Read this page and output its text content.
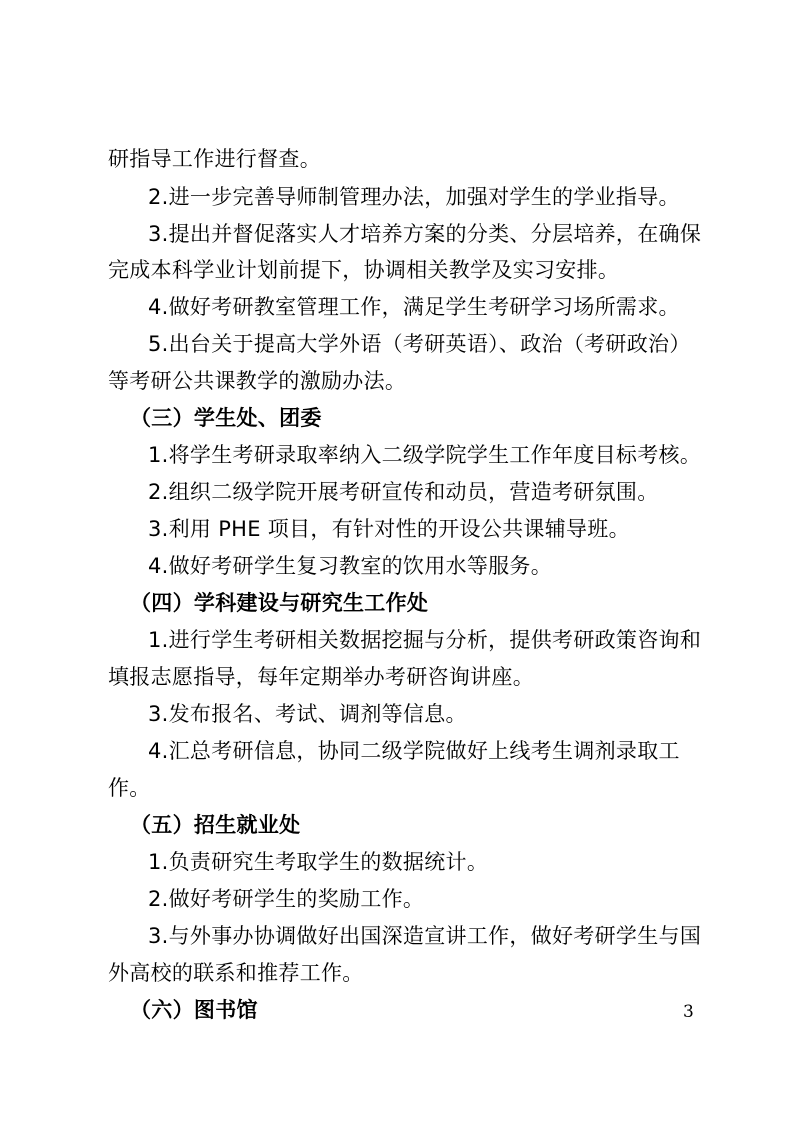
研指导工作进行督查。
2.进一步完善导师制管理办法，加强对学生的学业指导。
3.提出并督促落实人才培养方案的分类、分层培养，在确保
完成本科学业计划前提下，协调相关教学及实习安排。
4.做好考研教室管理工作，满足学生考研学习场所需求。
5.出台关于提高大学外语（考研英语）、政治（考研政治）
等考研公共课教学的激励办法。
（三）学生处、团委
1.将学生考研录取率纳入二级学院学生工作年度目标考核。
2.组织二级学院开展考研宣传和动员，营造考研氛围。
3.利用 PHE 项目，有针对性的开设公共课辅导班。
4.做好考研学生复习教室的饮用水等服务。
（四）学科建设与研究生工作处
1.进行学生考研相关数据挖掘与分析，提供考研政策咨询和
填报志愿指导，每年定期举办考研咨询讲座。
3.发布报名、考试、调剂等信息。
4.汇总考研信息，协同二级学院做好上线考生调剂录取工
作。
（五）招生就业处
1.负责研究生考取学生的数据统计。
2.做好考研学生的奖励工作。
3.与外事办协调做好出国深造宣讲工作，做好考研学生与国
外高校的联系和推荐工作。
（六）图书馆	3
